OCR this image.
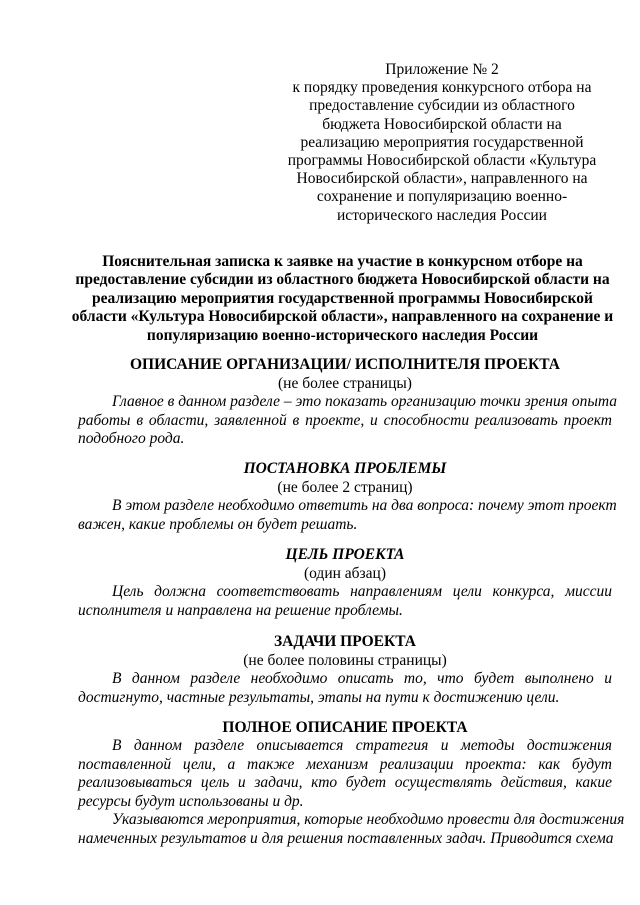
Приложение № 2
к порядку проведения конкурсного отбора на
предоставление субсидии из областного
бюджета Новосибирской области на
реализацию мероприятия государственной
программы Новосибирской области «Культура
Новосибирской области», направленного на
сохранение и популяризацию военно-
исторического наследия России
Пояснительная записка к заявке на участие в конкурсном отборе на
предоставление субсидии из областного бюджета Новосибирской области на
реализацию мероприятия государственной программы Новосибирской
области «Культура Новосибирской области», направленного на сохранение и
популяризацию военно-исторического наследия России
ОПИСАНИЕ ОРГАНИЗАЦИИ/ ИСПОЛНИТЕЛЯ ПРОЕКТА
(не более страницы)
Главное в данном разделе – это показать организацию точки зрения опыта
работы в области, заявленной в проекте, и способности реализовать проект
подобного рода.
ПОСТАНОВКА ПРОБЛЕМЫ
(не более 2 страниц)
В этом разделе необходимо ответить на два вопроса: почему этот проект
важен, какие проблемы он будет решать.
ЦЕЛЬ ПРОЕКТА
(один абзац)
Цель должна соответствовать направлениям цели конкурса, миссии
исполнителя и направлена на решение проблемы.
ЗАДАЧИ ПРОЕКТА
(не более половины страницы)
В данном разделе необходимо описать то, что будет выполнено и
достигнуто, частные результаты, этапы на пути к достижению цели.
ПОЛНОЕ ОПИСАНИЕ ПРОЕКТА
В данном разделе описывается стратегия и методы достижения
поставленной цели, а также механизм реализации проекта: как будут
реализовываться цель и задачи, кто будет осуществлять действия, какие
ресурсы будут использованы и др.
Указываются мероприятия, которые необходимо провести для достижения
намеченных результатов и для решения поставленных задач. Приводится схема
